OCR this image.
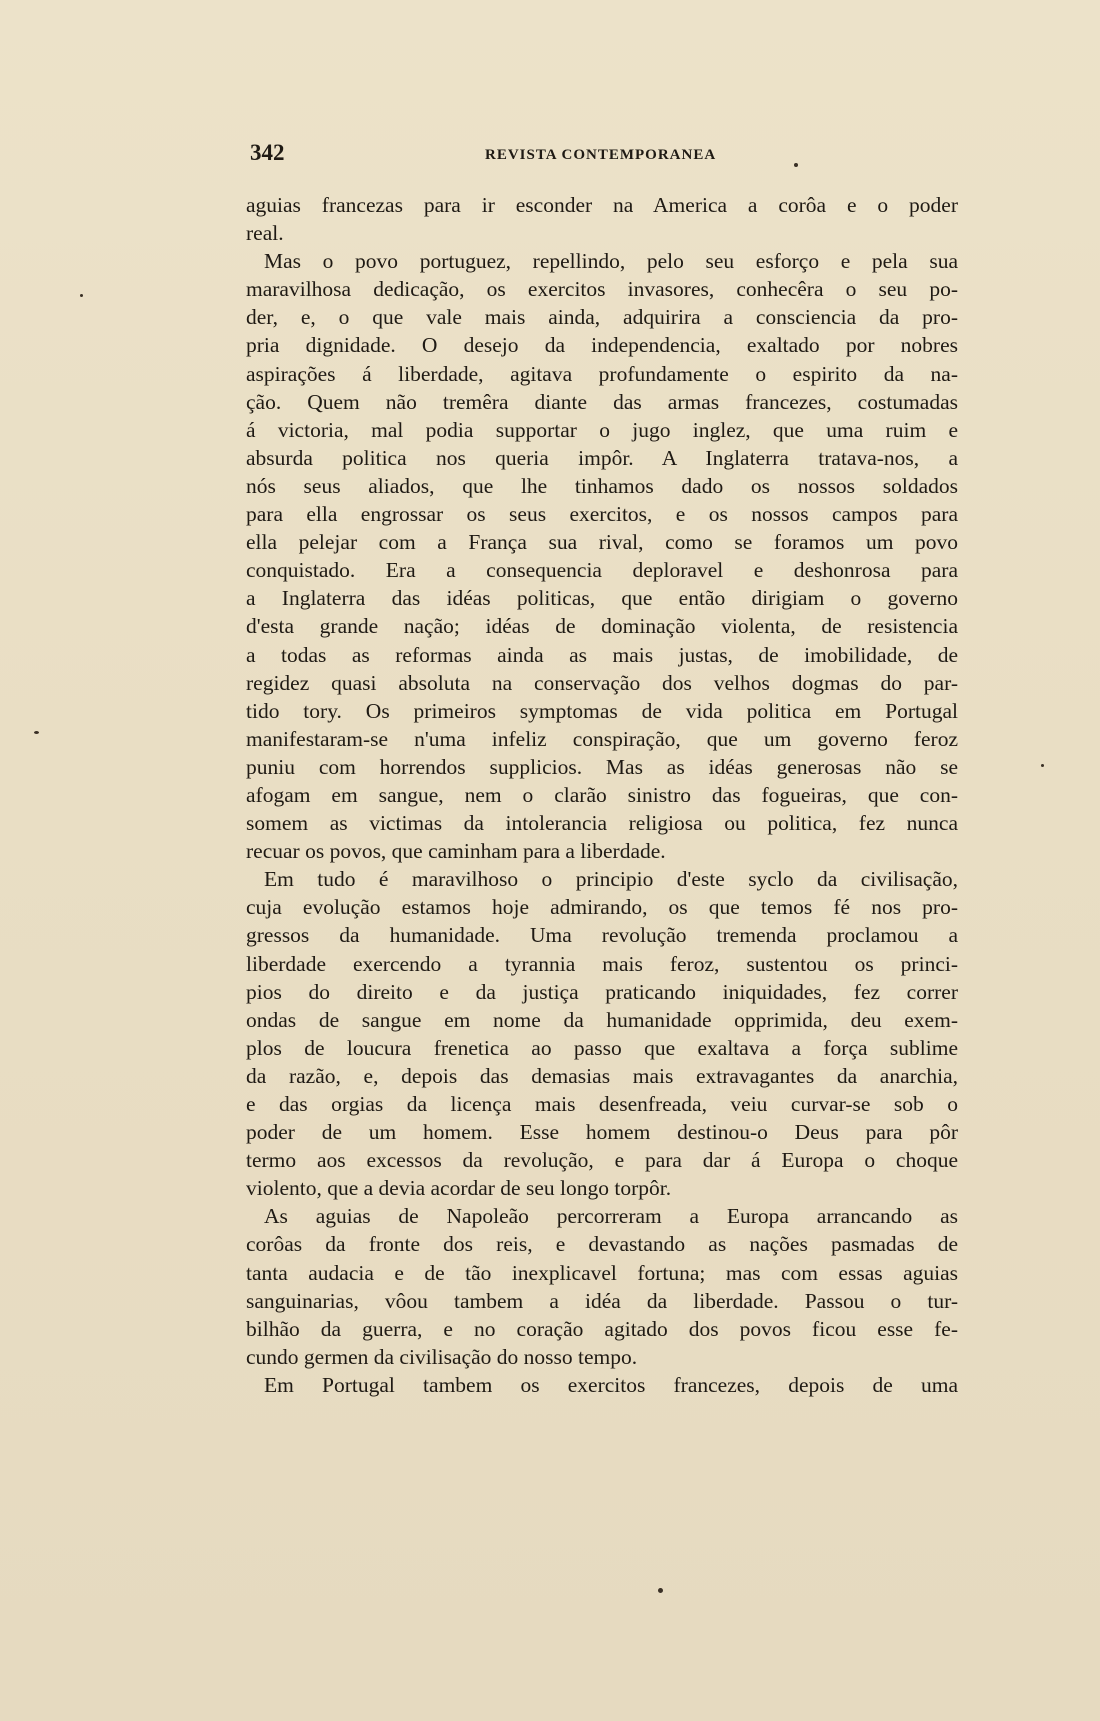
342	REVISTA CONTEMPORANEA
aguias francezas para ir esconder na America a corôa e o poder
real.
Mas o povo portuguez, repellindo, pelo seu esforço e pela sua
maravilhosa dedicação, os exercitos invasores, conhecêra o seu po-
der, e, o que vale mais ainda, adquirira a consciencia da pro-
pria dignidade. O desejo da independencia, exaltado por nobres
aspirações á liberdade, agitava profundamente o espirito da na-
ção. Quem não tremêra diante das armas francezes, costumadas
á victoria, mal podia supportar o jugo inglez, que uma ruim e
absurda politica nos queria impôr. A Inglaterra tratava-nos, a
nós seus aliados, que lhe tinhamos dado os nossos soldados
para ella engrossar os seus exercitos, e os nossos campos para
ella pelejar com a França sua rival, como se foramos um povo
conquistado. Era a consequencia deploravel e deshonrosa para
a Inglaterra das idéas politicas, que então dirigiam o governo
d'esta grande nação; idéas de dominação violenta, de resistencia
a todas as reformas ainda as mais justas, de imobilidade, de
regidez quasi absoluta na conservação dos velhos dogmas do par-
tido tory. Os primeiros symptomas de vida politica em Portugal
manifestaram-se n'uma infeliz conspiração, que um governo feroz
puniu com horrendos supplicios. Mas as idéas generosas não se
afogam em sangue, nem o clarão sinistro das fogueiras, que con-
somem as victimas da intolerancia religiosa ou politica, fez nunca
recuar os povos, que caminham para a liberdade.
Em tudo é maravilhoso o principio d'este syclo da civilisação,
cuja evolução estamos hoje admirando, os que temos fé nos pro-
gressos da humanidade. Uma revolução tremenda proclamou a
liberdade exercendo a tyrannia mais feroz, sustentou os princi-
pios do direito e da justiça praticando iniquidades, fez correr
ondas de sangue em nome da humanidade opprimida, deu exem-
plos de loucura frenetica ao passo que exaltava a força sublime
da razão, e, depois das demasias mais extravagantes da anarchia,
e das orgias da licença mais desenfreada, veiu curvar-se sob o
poder de um homem. Esse homem destinou-o Deus para pôr
termo aos excessos da revolução, e para dar á Europa o choque
violento, que a devia acordar de seu longo torpôr.
As aguias de Napoleão percorreram a Europa arrancando as
corôas da fronte dos reis, e devastando as nações pasmadas de
tanta audacia e de tão inexplicavel fortuna; mas com essas aguias
sanguinarias, vôou tambem a idéa da liberdade. Passou o tur-
bilhão da guerra, e no coração agitado dos povos ficou esse fe-
cundo germen da civilisação do nosso tempo.
Em Portugal tambem os exercitos francezes, depois de uma
